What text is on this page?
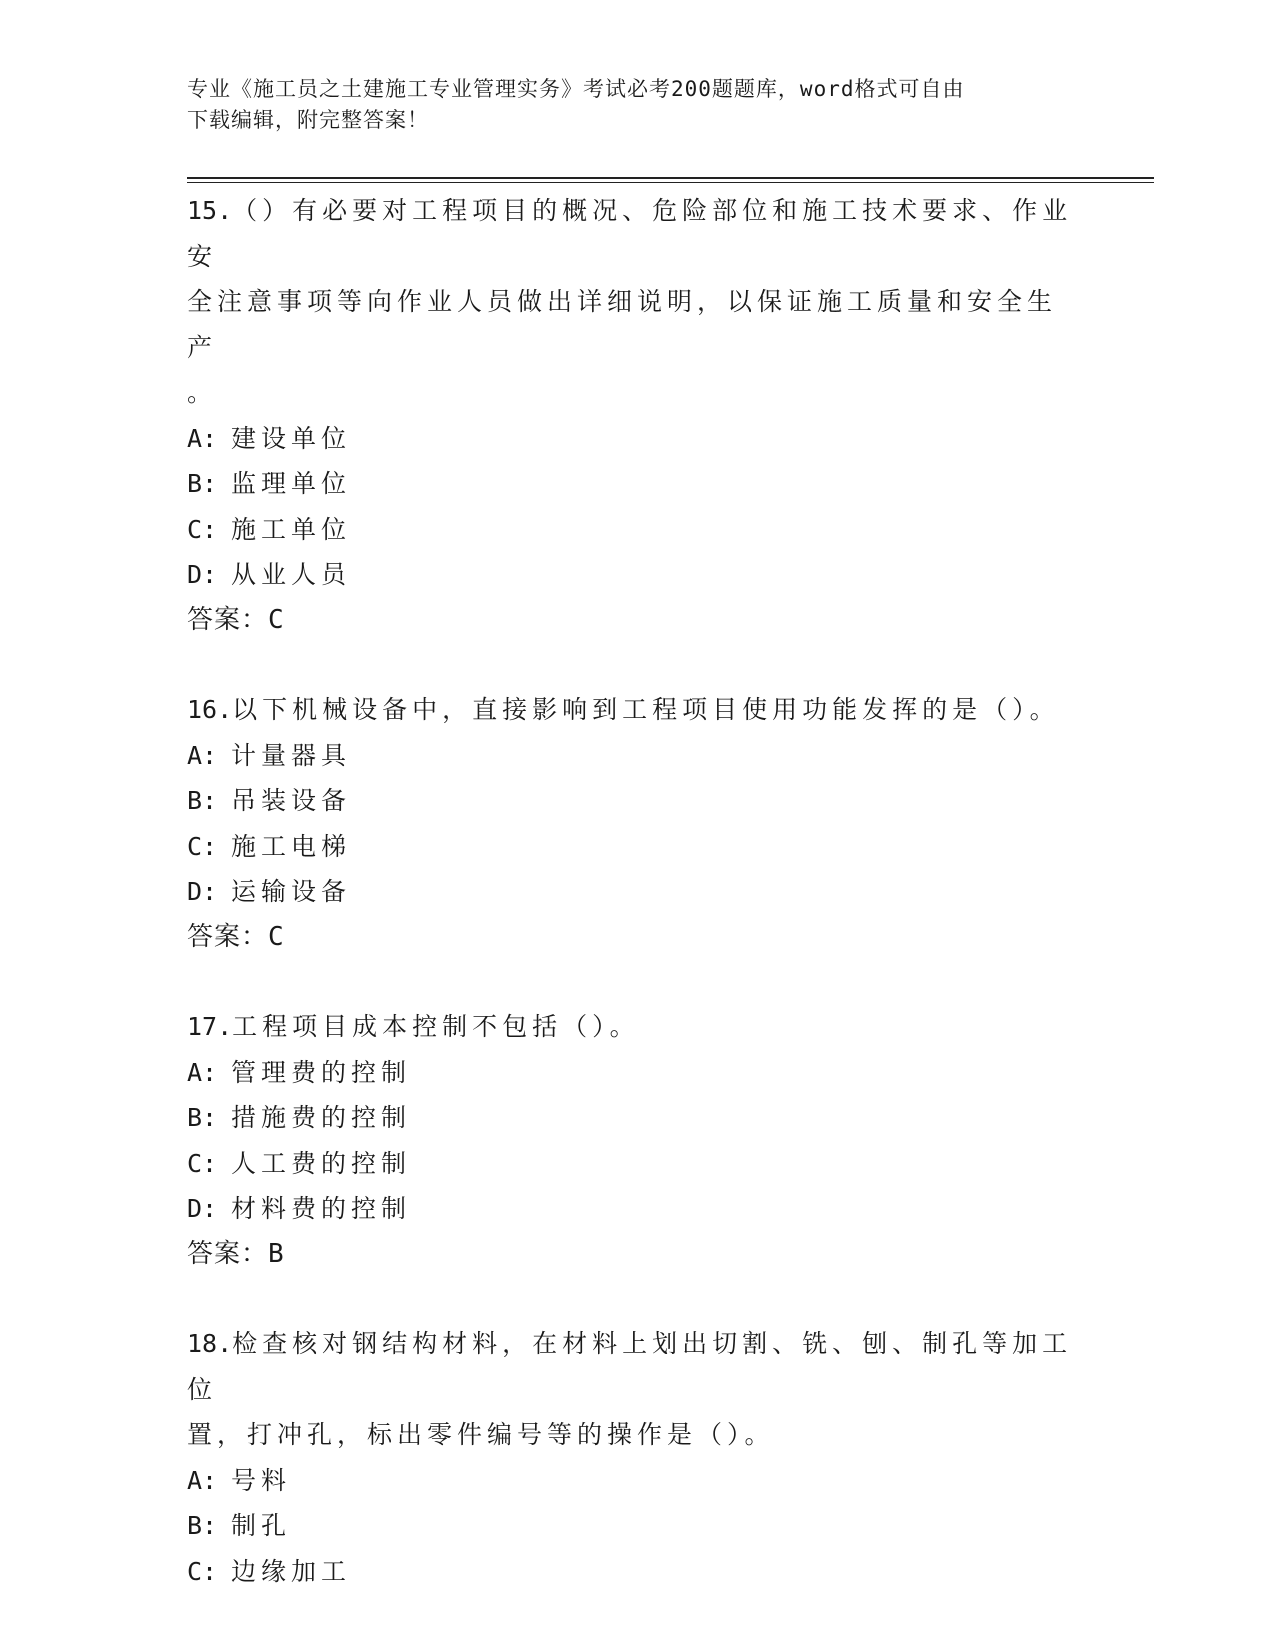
专业《施工员之土建施工专业管理实务》考试必考200题题库，word格式可自由
下载编辑，附完整答案！

15.（）有必要对工程项目的概况、危险部位和施工技术要求、作业安

全注意事项等向作业人员做出详细说明，以保证施工质量和安全生产

。

A: 建设单位
B: 监理单位
C: 施工单位
D: 从业人员
答案：C

16.以下机械设备中，直接影响到工程项目使用功能发挥的是（）。

A: 计量器具
B: 吊装设备
C: 施工电梯
D: 运输设备
答案：C

17.工程项目成本控制不包括（）。

A: 管理费的控制
B: 措施费的控制
C: 人工费的控制
D: 材料费的控制
答案：B

18.检查核对钢结构材料，在材料上划出切割、铣、刨、制孔等加工位

置，打冲孔，标出零件编号等的操作是（）。

A: 号料
B: 制孔
C: 边缘加工
